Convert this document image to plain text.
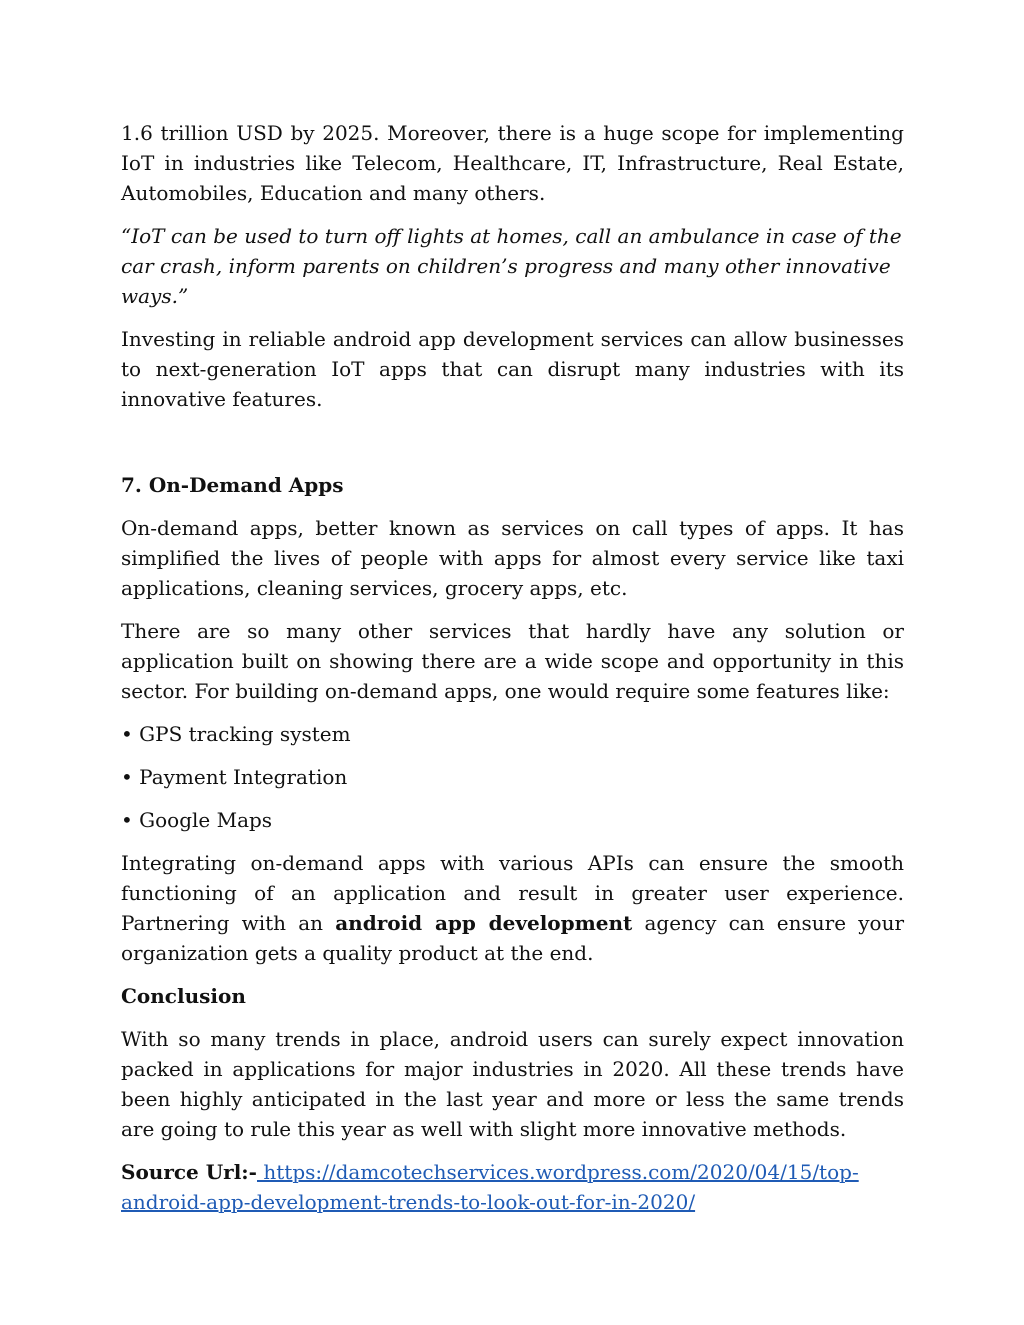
1.6 trillion USD by 2025. Moreover, there is a huge scope for implementing IoT in industries like Telecom, Healthcare, IT, Infrastructure, Real Estate, Automobiles, Education and many others.

“IoT can be used to turn off lights at homes, call an ambulance in case of the car crash, inform parents on children’s progress and many other innovative ways.”

Investing in reliable android app development services can allow businesses to next-generation IoT apps that can disrupt many industries with its innovative features.

7. On-Demand Apps

On-demand apps, better known as services on call types of apps. It has simplified the lives of people with apps for almost every service like taxi applications, cleaning services, grocery apps, etc.

There are so many other services that hardly have any solution or application built on showing there are a wide scope and opportunity in this sector. For building on-demand apps, one would require some features like:

• GPS tracking system

• Payment Integration

• Google Maps

Integrating on-demand apps with various APIs can ensure the smooth functioning of an application and result in greater user experience. Partnering with an android app development agency can ensure your organization gets a quality product at the end.

Conclusion

With so many trends in place, android users can surely expect innovation packed in applications for major industries in 2020. All these trends have been highly anticipated in the last year and more or less the same trends are going to rule this year as well with slight more innovative methods.

Source Url:- https://damcotechservices.wordpress.com/2020/04/15/top-android-app-development-trends-to-look-out-for-in-2020/
